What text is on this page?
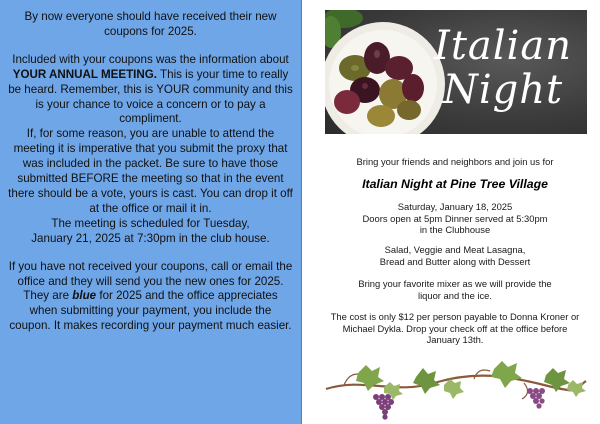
By now everyone should have received their new coupons for 2025.

Included with your coupons was the information about YOUR ANNUAL MEETING. This is your time to really be heard. Remember, this is YOUR community and this is your chance to voice a concern or to pay a compliment.

If, for some reason, you are unable to attend the meeting it is imperative that you submit the proxy that was included in the packet. Be sure to have those submitted BEFORE the meeting so that in the event there should be a vote, yours is cast. You can drop it off at the office or mail it in.

The meeting is scheduled for Tuesday,

January 21, 2025 at 7:30pm in the club house.

If you have not received your coupons, call or email the office and they will send you the new ones for 2025.

They are blue for 2025 and the office appreciates when submitting your payment, you include the coupon. It makes recording your payment much easier.

Italian
Night
Bring your friends and neighbors and join us for
Italian Night at Pine Tree Village
Saturday, January 18, 2025
Doors open at 5pm Dinner served at 5:30pm
in the Clubhouse
Salad, Veggie and Meat Lasagna,
Bread and Butter along with Dessert
Bring your favorite mixer as we will provide the
liquor and the ice.
The cost is only $12 per person payable to Donna Kroner or
Michael Dykla. Drop your check off at the office before
January 13th.
